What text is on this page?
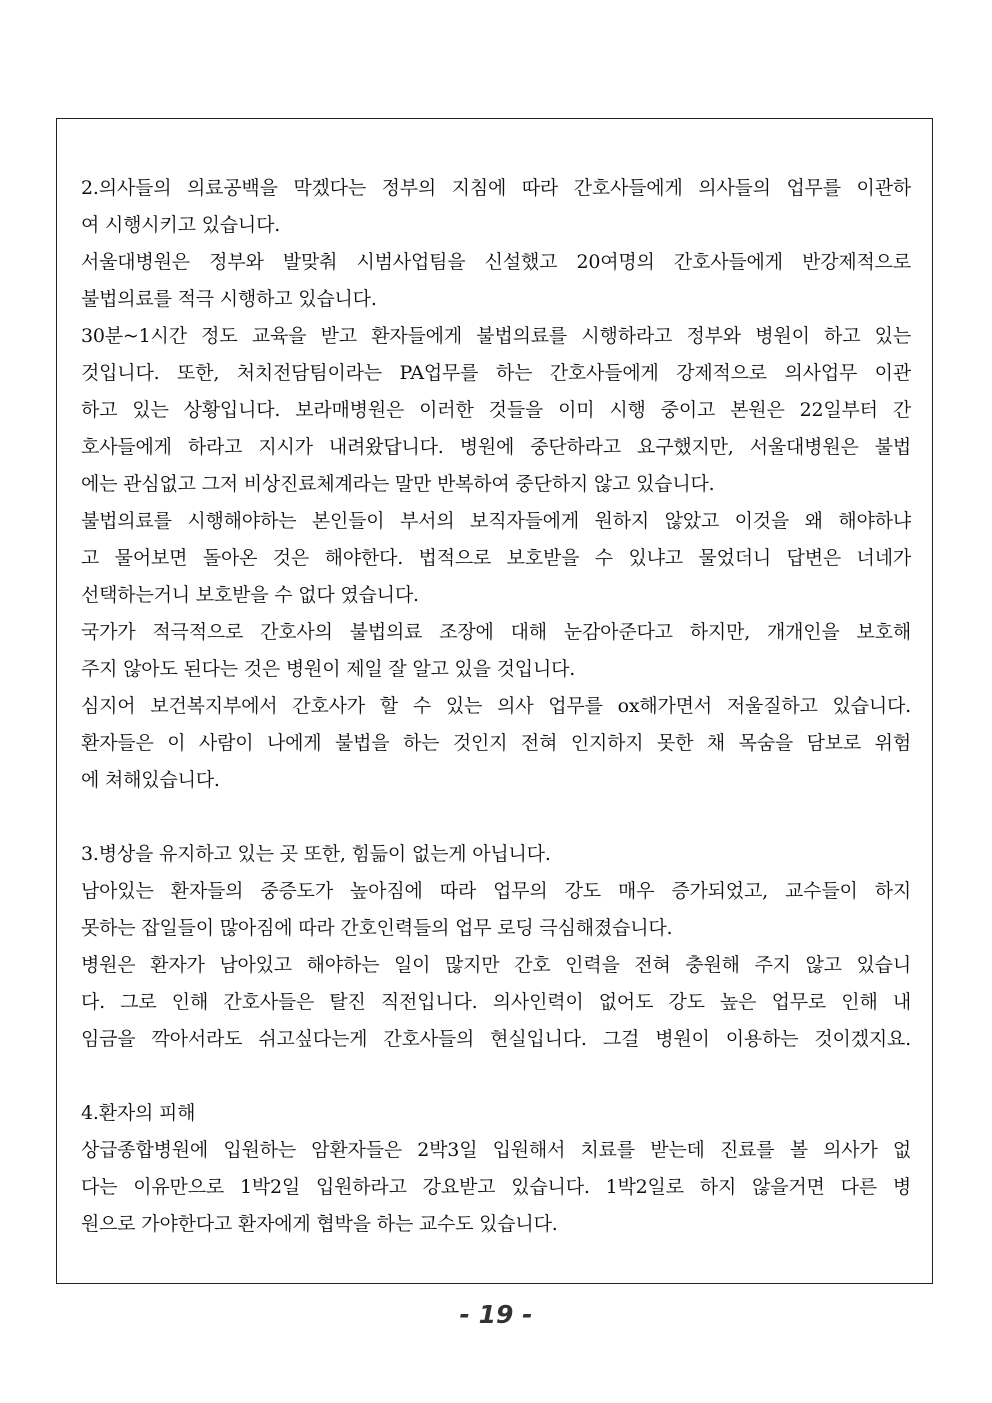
2.의사들의 의료공백을 막겠다는 정부의 지침에 따라 간호사들에게 의사들의 업무를 이관하
여 시행시키고 있습니다.
서울대병원은 정부와 발맞춰 시범사업팀을 신설했고 20여명의 간호사들에게 반강제적으로
불법의료를 적극 시행하고 있습니다.
30분~1시간 정도 교육을 받고 환자들에게 불법의료를 시행하라고 정부와 병원이 하고 있는
것입니다. 또한, 처치전담팀이라는 PA업무를 하는 간호사들에게 강제적으로 의사업무 이관
하고 있는 상황입니다. 보라매병원은 이러한 것들을 이미 시행 중이고 본원은 22일부터 간
호사들에게 하라고 지시가 내려왔답니다. 병원에 중단하라고 요구했지만, 서울대병원은 불법
에는 관심없고 그저 비상진료체계라는 말만 반복하여 중단하지 않고 있습니다.
불법의료를 시행해야하는 본인들이 부서의 보직자들에게 원하지 않았고 이것을 왜 해야하냐
고 물어보면 돌아온 것은 해야한다. 법적으로 보호받을 수 있냐고 물었더니 답변은 너네가
선택하는거니 보호받을 수 없다 였습니다.
국가가 적극적으로 간호사의 불법의료 조장에 대해 눈감아준다고 하지만, 개개인을 보호해
주지 않아도 된다는 것은 병원이 제일 잘 알고 있을 것입니다.
심지어 보건복지부에서 간호사가 할 수 있는 의사 업무를 ox해가면서 저울질하고 있습니다.
환자들은 이 사람이 나에게 불법을 하는 것인지 전혀 인지하지 못한 채 목숨을 담보로 위험
에 쳐해있습니다.
3.병상을 유지하고 있는 곳 또한, 힘듦이 없는게 아닙니다.
남아있는 환자들의 중증도가 높아짐에 따라 업무의 강도 매우 증가되었고, 교수들이 하지
못하는 잡일들이 많아짐에 따라 간호인력들의 업무 로딩 극심해졌습니다.
병원은 환자가 남아있고 해야하는 일이 많지만 간호 인력을 전혀 충원해 주지 않고 있습니
다. 그로 인해 간호사들은 탈진 직전입니다. 의사인력이 없어도 강도 높은 업무로 인해 내
임금을 깍아서라도 쉬고싶다는게 간호사들의 현실입니다. 그걸 병원이 이용하는 것이겠지요.
4.환자의 피해
상급종합병원에 입원하는 암환자들은 2박3일 입원해서 치료를 받는데 진료를 볼 의사가 없
다는 이유만으로 1박2일 입원하라고 강요받고 있습니다. 1박2일로 하지 않을거면 다른 병
원으로 가야한다고 환자에게 협박을 하는 교수도 있습니다.
- 19 -
